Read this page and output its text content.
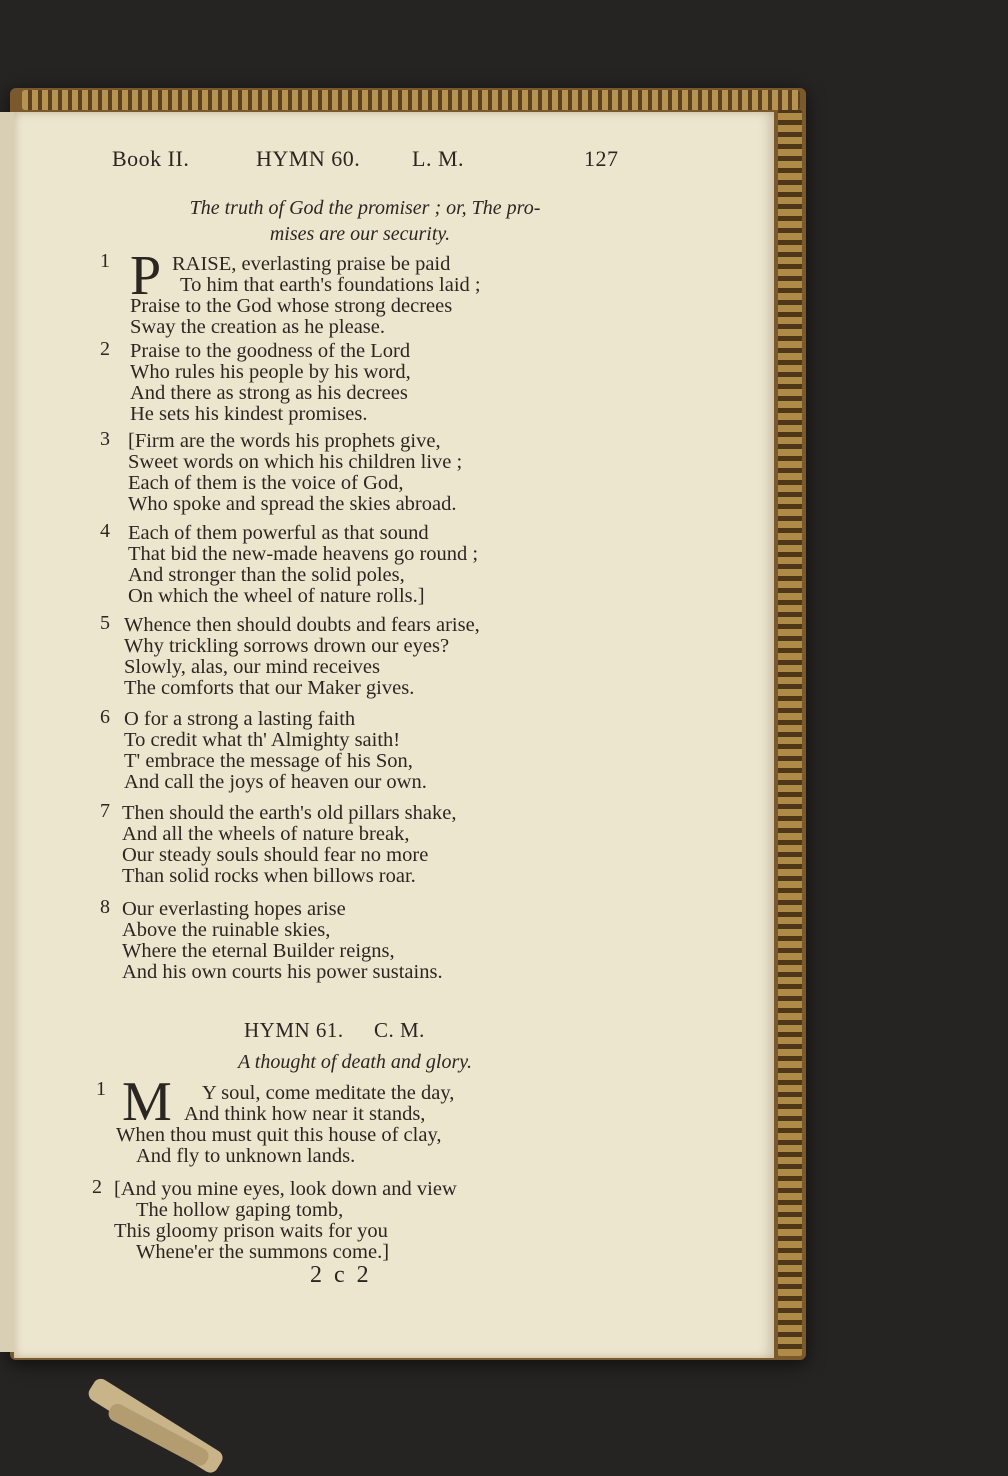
Book II.	HYMN 60. L. M.	127
The truth of God the promiser ; or, The pro-
mises are our security.
1 P RAISE, everlasting praise be paid
To him that earth's foundations laid ;
Praise to the God whose strong decrees
Sway the creation as he please.
2 Praise to the goodness of the Lord
Who rules his people by his word,
And there as strong as his decrees
He sets his kindest promises.
3 [Firm are the words his prophets give,
Sweet words on which his children live ;
Each of them is the voice of God,
Who spoke and spread the skies abroad.
4 Each of them powerful as that sound
That bid the new-made heavens go round ;
And stronger than the solid poles,
On which the wheel of nature rolls.]
5 Whence then should doubts and fears arise,
Why trickling sorrows drown our eyes?
Slowly, alas, our mind receives
The comforts that our Maker gives.
6 O for a strong a lasting faith
To credit what th' Almighty saith!
T' embrace the message of his Son,
And call the joys of heaven our own.
7 Then should the earth's old pillars shake,
And all the wheels of nature break,
Our steady souls should fear no more
Than solid rocks when billows roar.
8 Our everlasting hopes arise
Above the ruinable skies,
Where the eternal Builder reigns,
And his own courts his power sustains.
HYMN 61. C. M.
A thought of death and glory.
1 M Y soul, come meditate the day,
And think how near it stands,
When thou must quit this house of clay,
And fly to unknown lands.
2 [And you mine eyes, look down and view
The hollow gaping tomb,
This gloomy prison waits for you
Whene'er the summons come.]
2 c 2
